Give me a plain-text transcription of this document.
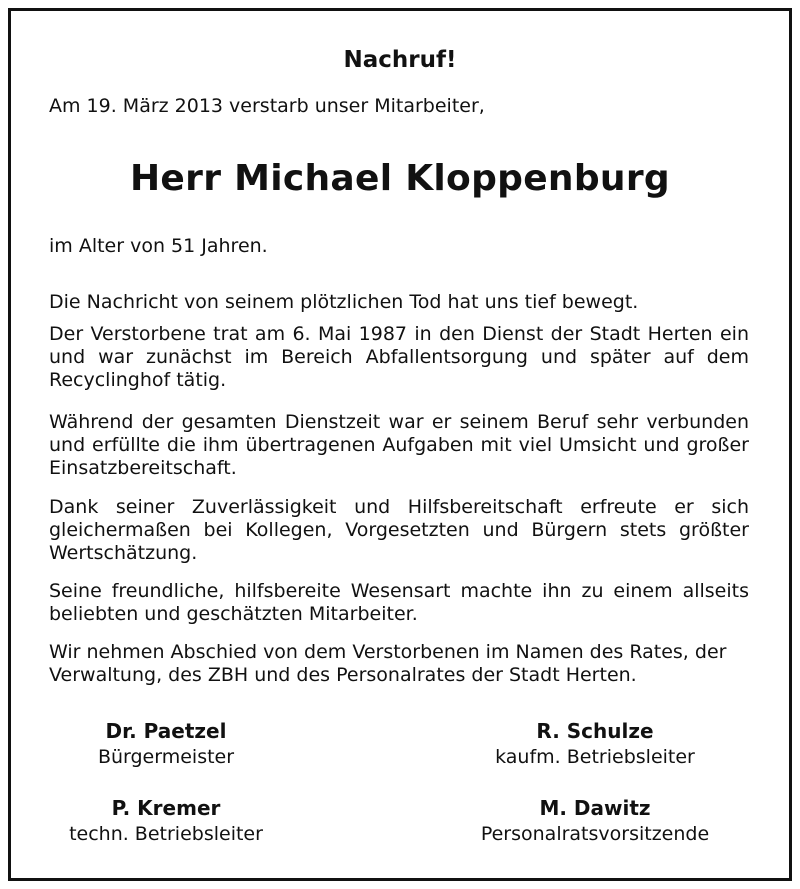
Nachruf!

Am 19. März 2013 verstarb unser Mitarbeiter,

Herr Michael Kloppenburg

im Alter von 51 Jahren.

Die Nachricht von seinem plötzlichen Tod hat uns tief bewegt.

Der Verstorbene trat am 6. Mai 1987 in den Dienst der Stadt Herten ein und war zunächst im Bereich Abfallentsorgung und später auf dem Recyclinghof tätig.

Während der gesamten Dienstzeit war er seinem Beruf sehr verbunden und erfüllte die ihm übertragenen Aufgaben mit viel Umsicht und großer Einsatzbereitschaft.

Dank seiner Zuverlässigkeit und Hilfsbereitschaft erfreute er sich gleichermaßen bei Kollegen, Vorgesetzten und Bürgern stets größter Wertschätzung.

Seine freundliche, hilfsbereite Wesensart machte ihn zu einem allseits beliebten und geschätzten Mitarbeiter.

Wir nehmen Abschied von dem Verstorbenen im Namen des Rates, der Verwaltung, des ZBH und des Personalrates der Stadt Herten.

Dr. Paetzel
Bürgermeister
R. Schulze
kaufm. Betriebsleiter
P. Kremer
techn. Betriebsleiter
M. Dawitz
Personalratsvorsitzende
